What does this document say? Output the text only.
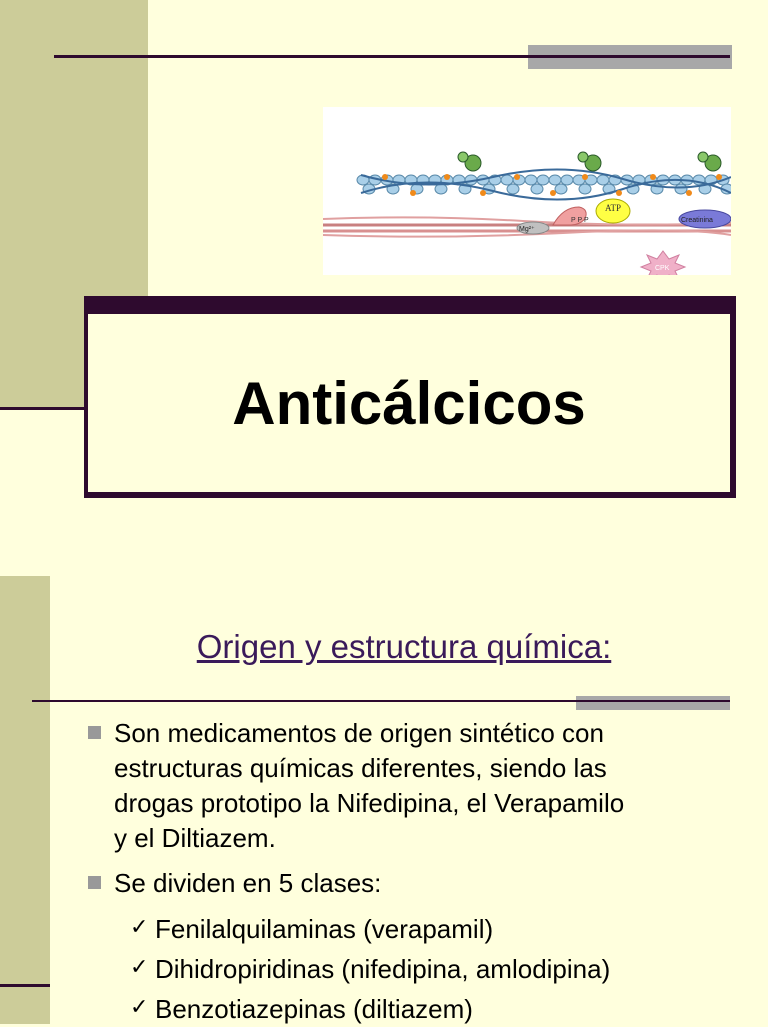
ATP
P P P
Mg²⁺
Creatinina
CPK
Anticálcicos
Origen y estructura química:
Son medicamentos de origen sintético con
estructuras químicas diferentes, siendo las
drogas prototipo la Nifedipina, el Verapamilo
y el Diltiazem.
Se dividen en 5 clases:
✓ Fenilalquilaminas (verapamil)
✓ Dihidropiridinas (nifedipina, amlodipina)
✓ Benzotiazepinas (diltiazem)
